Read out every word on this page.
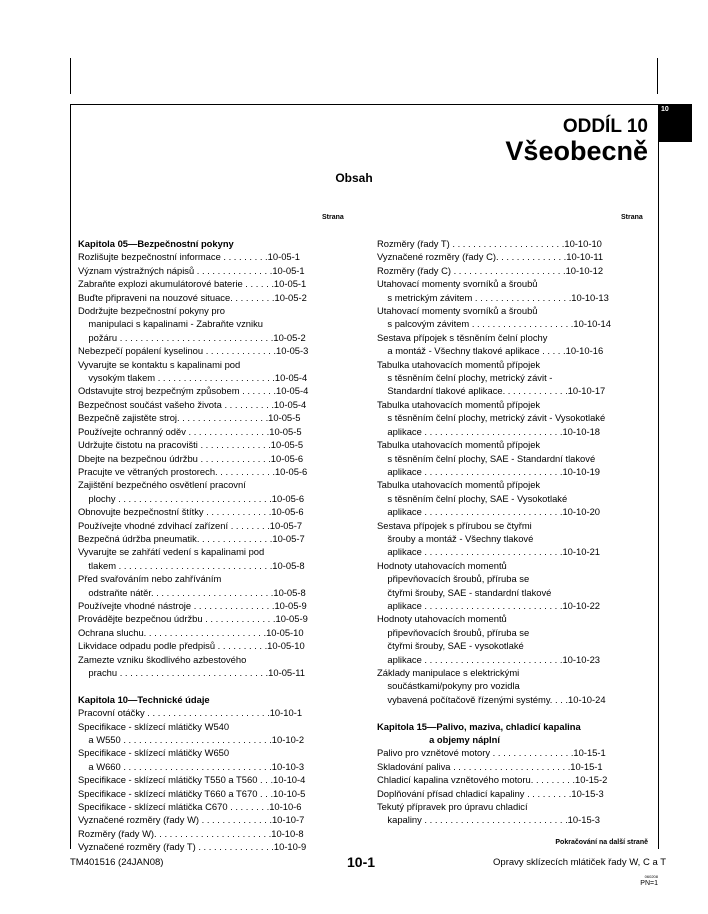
10
ODDÍL 10
Všeobecně
Obsah
Strana	Strana
Kapitola 05—Bezpečnostní pokyny
Rozlišujte bezpečnostní informace . . . . . . . . .10-05-1
Význam výstražných nápisů . . . . . . . . . . . . . . .10-05-1
Zabraňte explozi akumulátorové baterie . . . . . .10-05-1
Buďte připraveni na nouzové situace. . . . . . . . .10-05-2
Dodržujte bezpečnostní pokyny pro
manipulaci s kapalinami - Zabraňte vzniku
požáru . . . . . . . . . . . . . . . . . . . . . . . . . . . . . .10-05-2
Nebezpečí popálení kyselinou . . . . . . . . . . . . . .10-05-3
Vyvarujte se kontaktu s kapalinami pod
vysokým tlakem . . . . . . . . . . . . . . . . . . . . . . .10-05-4
Odstavujte stroj bezpečným způsobem . . . . . . .10-05-4
Bezpečnost součást vašeho života . . . . . . . . . .10-05-4
Bezpečně zajistěte stroj. . . . . . . . . . . . . . . . . .10-05-5
Používejte ochranný oděv . . . . . . . . . . . . . . . .10-05-5
Udržujte čistotu na pracovišti . . . . . . . . . . . . . .10-05-5
Dbejte na bezpečnou údržbu . . . . . . . . . . . . . .10-05-6
Pracujte ve větraných prostorech. . . . . . . . . . . .10-05-6
Zajištění bezpečného osvětlení pracovní
plochy . . . . . . . . . . . . . . . . . . . . . . . . . . . . . .10-05-6
Obnovujte bezpečnostní štítky . . . . . . . . . . . . .10-05-6
Používejte vhodné zdvihací zařízení . . . . . . . .10-05-7
Bezpečná údržba pneumatik. . . . . . . . . . . . . . .10-05-7
Vyvarujte se zahřátí vedení s kapalinami pod
tlakem . . . . . . . . . . . . . . . . . . . . . . . . . . . . . .10-05-8
Před svařováním nebo zahříváním
odstraňte nátěr. . . . . . . . . . . . . . . . . . . . . . . .10-05-8
Používejte vhodné nástroje . . . . . . . . . . . . . . . .10-05-9
Provádějte bezpečnou údržbu . . . . . . . . . . . . . .10-05-9
Ochrana sluchu. . . . . . . . . . . . . . . . . . . . . . . .10-05-10
Likvidace odpadu podle předpisů . . . . . . . . . .10-05-10
Zamezte vzniku škodlivého azbestového
prachu . . . . . . . . . . . . . . . . . . . . . . . . . . . . .10-05-11
Kapitola 10—Technické údaje
Pracovní otáčky . . . . . . . . . . . . . . . . . . . . . . . .10-10-1
Specifikace - sklízecí mlátičky W540
a W550 . . . . . . . . . . . . . . . . . . . . . . . . . . . . .10-10-2
Specifikace - sklízecí mlátičky W650
a W660 . . . . . . . . . . . . . . . . . . . . . . . . . . . . .10-10-3
Specifikace - sklízecí mlátičky T550 a T560 . . .10-10-4
Specifikace - sklízecí mlátičky T660 a T670 . . .10-10-5
Specifikace - sklízecí mlátička C670 . . . . . . . .10-10-6
Vyznačené rozměry (řady W) . . . . . . . . . . . . . .10-10-7
Rozměry (řady W). . . . . . . . . . . . . . . . . . . . . . .10-10-8
Vyznačené rozměry (řady T) . . . . . . . . . . . . . . .10-10-9
Rozměry (řady T) . . . . . . . . . . . . . . . . . . . . . .10-10-10
Vyznačené rozměry (řady C). . . . . . . . . . . . . .10-10-11
Rozměry (řady C) . . . . . . . . . . . . . . . . . . . . . .10-10-12
Utahovací momenty svorníků a šroubů
s metrickým závitem . . . . . . . . . . . . . . . . . . .10-10-13
Utahovací momenty svorníků a šroubů
s palcovým závitem . . . . . . . . . . . . . . . . . . . .10-10-14
Sestava přípojek s těsněním čelní plochy
a montáž - Všechny tlakové aplikace . . . . .10-10-16
Tabulka utahovacích momentů přípojek
s těsněním čelní plochy, metrický závit -
Standardní tlakové aplikace. . . . . . . . . . . . .10-10-17
Tabulka utahovacích momentů přípojek
s těsněním čelní plochy, metrický závit - Vysokotlaké
aplikace . . . . . . . . . . . . . . . . . . . . . . . . . . .10-10-18
Tabulka utahovacích momentů přípojek
s těsněním čelní plochy, SAE - Standardní tlakové
aplikace . . . . . . . . . . . . . . . . . . . . . . . . . . .10-10-19
Tabulka utahovacích momentů přípojek
s těsněním čelní plochy, SAE - Vysokotlaké
aplikace . . . . . . . . . . . . . . . . . . . . . . . . . . .10-10-20
Sestava přípojek s přírubou se čtyřmi
šrouby a montáž - Všechny tlakové
aplikace . . . . . . . . . . . . . . . . . . . . . . . . . . .10-10-21
Hodnoty utahovacích momentů
připevňovacích šroubů, příruba se
čtyřmi šrouby, SAE - standardní tlakové
aplikace . . . . . . . . . . . . . . . . . . . . . . . . . . .10-10-22
Hodnoty utahovacích momentů
připevňovacích šroubů, příruba se
čtyřmi šrouby, SAE - vysokotlaké
aplikace . . . . . . . . . . . . . . . . . . . . . . . . . . .10-10-23
Základy manipulace s elektrickými
součástkami/pokyny pro vozidla
vybavená počítačově řízenými systémy. . . .10-10-24
Kapitola 15—Palivo, maziva, chladicí kapalina
a objemy náplní
Palivo pro vznětové motory . . . . . . . . . . . . . . . .10-15-1
Skladování paliva . . . . . . . . . . . . . . . . . . . . . . .10-15-1
Chladicí kapalina vznětového motoru. . . . . . . . .10-15-2
Doplňování přísad chladicí kapaliny . . . . . . . . .10-15-3
Tekutý přípravek pro úpravu chladicí
kapaliny . . . . . . . . . . . . . . . . . . . . . . . . . . . .10-15-3
Pokračování na další straně
TM401516 (24JAN08)	10-1	Opravy sklízecích mlátiček řady W, C a T
060208
PN=1
